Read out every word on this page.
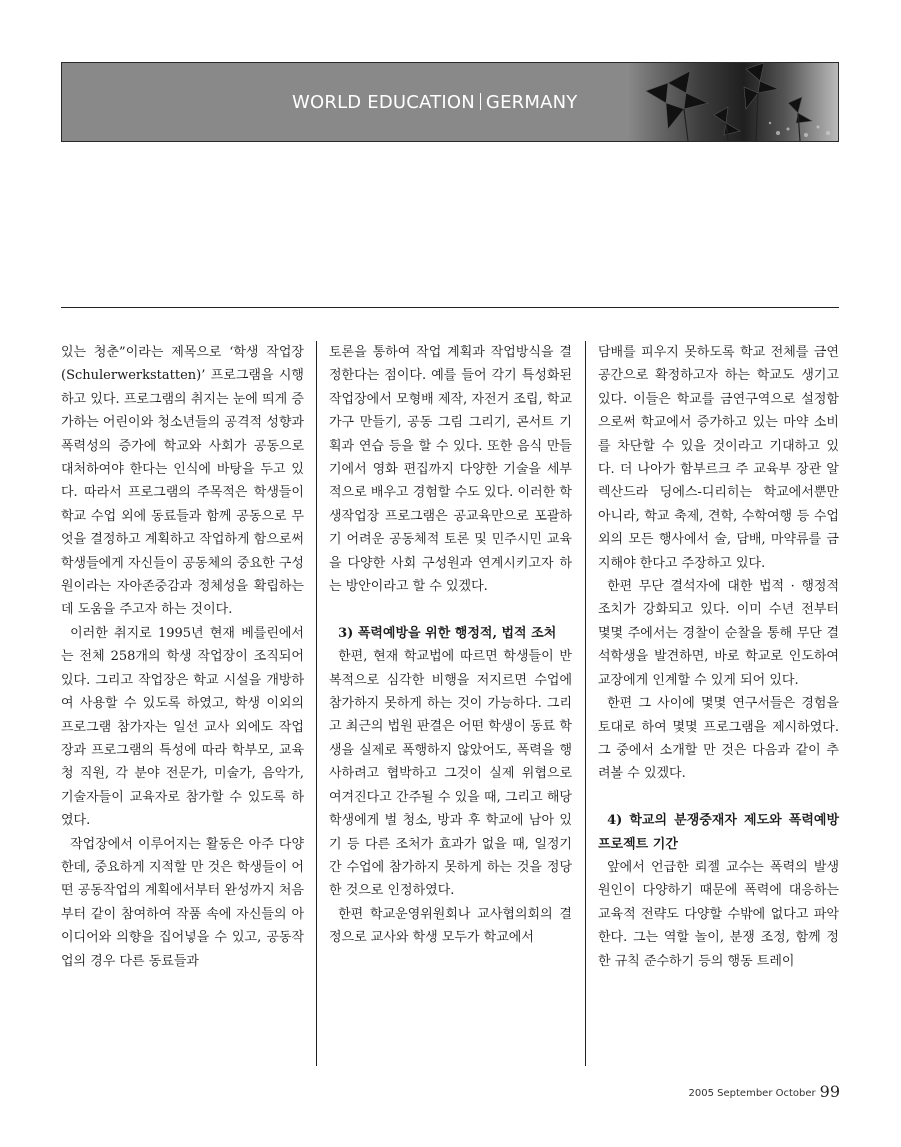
WORLD EDUCATION GERMANY

있는 청춘”이라는 제목으로 ‘학생 작업장 (Schulerwerkstatten)’ 프로그램을 시행하고 있다. 프로그램의 취지는 눈에 띄게 증가하는 어린이와 청소년들의 공격적 성향과 폭력성의 증가에 학교와 사회가 공동으로 대처하여야 한다는 인식에 바탕을 두고 있다. 따라서 프로그램의 주목적은 학생들이 학교 수업 외에 동료들과 함께 공동으로 무엇을 결정하고 계획하고 작업하게 함으로써 학생들에게 자신들이 공동체의 중요한 구성원이라는 자아존중감과 정체성을 확립하는 데 도움을 주고자 하는 것이다.

이러한 취지로 1995년 현재 베를린에서는 전체 258개의 학생 작업장이 조직되어 있다. 그리고 작업장은 학교 시설을 개방하여 사용할 수 있도록 하였고, 학생 이외의 프로그램 참가자는 일선 교사 외에도 작업장과 프로그램의 특성에 따라 학부모, 교육청 직원, 각 분야 전문가, 미술가, 음악가, 기술자들이 교육자로 참가할 수 있도록 하였다.

작업장에서 이루어지는 활동은 아주 다양한데, 중요하게 지적할 만 것은 학생들이 어떤 공동작업의 계획에서부터 완성까지 처음부터 같이 참여하여 작품 속에 자신들의 아이디어와 의향을 집어넣을 수 있고, 공동작업의 경우 다른 동료들과

토론을 통하여 작업 계획과 작업방식을 결정한다는 점이다. 예를 들어 각기 특성화된 작업장에서 모형배 제작, 자전거 조립, 학교 가구 만들기, 공동 그림 그리기, 콘서트 기획과 연습 등을 할 수 있다. 또한 음식 만들기에서 영화 편집까지 다양한 기술을 세부적으로 배우고 경험할 수도 있다. 이러한 학생작업장 프로그램은 공교육만으로 포괄하기 어려운 공동체적 토론 및 민주시민 교육을 다양한 사회 구성원과 연계시키고자 하는 방안이라고 할 수 있겠다.

3) 폭력예방을 위한 행정적, 법적 조처

한편, 현재 학교법에 따르면 학생들이 반복적으로 심각한 비행을 저지르면 수업에 참가하지 못하게 하는 것이 가능하다. 그리고 최근의 법원 판결은 어떤 학생이 동료 학생을 실제로 폭행하지 않았어도, 폭력을 행사하려고 협박하고 그것이 실제 위협으로 여겨진다고 간주될 수 있을 때, 그리고 해당 학생에게 벌 청소, 방과 후 학교에 남아 있기 등 다른 조처가 효과가 없을 때, 일정기간 수업에 참가하지 못하게 하는 것을 정당한 것으로 인정하였다.

한편 학교운영위원회나 교사협의회의 결정으로 교사와 학생 모두가 학교에서

담배를 피우지 못하도록 학교 전체를 금연공간으로 확정하고자 하는 학교도 생기고 있다. 이들은 학교를 금연구역으로 설정함으로써 학교에서 증가하고 있는 마약 소비를 차단할 수 있을 것이라고 기대하고 있다. 더 나아가 함부르크 주 교육부 장관 알렉산드라 딩에스-디리히는 학교에서뿐만 아니라, 학교 축제, 견학, 수학여행 등 수업 외의 모든 행사에서 술, 담배, 마약류를 금지해야 한다고 주장하고 있다.

한편 무단 결석자에 대한 법적 · 행정적 조치가 강화되고 있다. 이미 수년 전부터 몇몇 주에서는 경찰이 순찰을 통해 무단 결석학생을 발견하면, 바로 학교로 인도하여 교장에게 인계할 수 있게 되어 있다.

한편 그 사이에 몇몇 연구서들은 경험을 토대로 하여 몇몇 프로그램을 제시하였다. 그 중에서 소개할 만 것은 다음과 같이 추려볼 수 있겠다.

4) 학교의 분쟁중재자 제도와 폭력예방 프로젝트 기간

앞에서 언급한 뢰젤 교수는 폭력의 발생원인이 다양하기 때문에 폭력에 대응하는 교육적 전략도 다양할 수밖에 없다고 파악한다. 그는 역할 놀이, 분쟁 조정, 함께 정한 규칙 준수하기 등의 행동 트레이

2005 September October 99
